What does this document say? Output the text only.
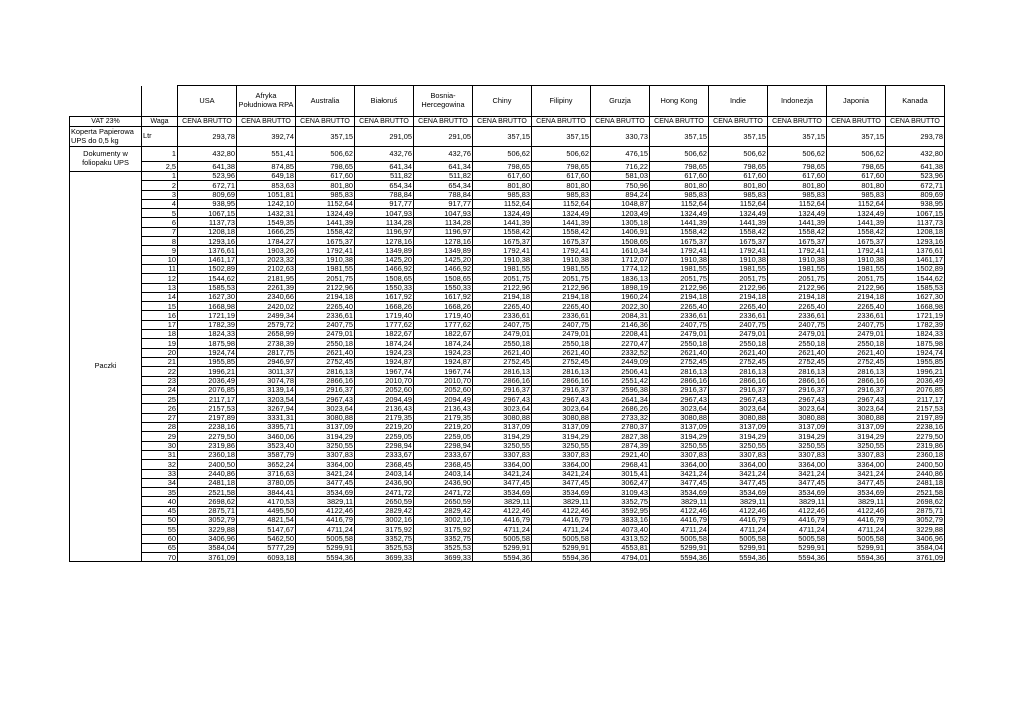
		USA	Afryka Południowa RPA	Australia	Białoruś	Bosnia-Hercegowina	Chiny	Filipiny	Gruzja	Hong Kong	Indie	Indonezja	Japonia	Kanada
VAT 23%	Waga	CENA BRUTTO	CENA BRUTTO	CENA BRUTTO	CENA BRUTTO	CENA BRUTTO	CENA BRUTTO	CENA BRUTTO	CENA BRUTTO	CENA BRUTTO	CENA BRUTTO	CENA BRUTTO	CENA BRUTTO	CENA BRUTTO
Koperta Papierowa UPS do 0,5 kg	Ltr	293,78	392,74	357,15	291,05	291,05	357,15	357,15	330,73	357,15	357,15	357,15	357,15	293,78
Dokumenty w foliopaku UPS	1	432,80	551,41	506,62	432,76	432,76	506,62	506,62	476,15	506,62	506,62	506,62	506,62	432,80
	2,5	641,38	874,85	798,65	641,34	641,34	798,65	798,65	716,22	798,65	798,65	798,65	798,65	641,38
Paczki	1	523,96	649,18	617,60	511,82	511,82	617,60	617,60	581,03	617,60	617,60	617,60	617,60	523,96
	2	672,71	853,63	801,80	654,34	654,34	801,80	801,80	750,96	801,80	801,80	801,80	801,80	672,71
	3	809,69	1051,81	985,83	788,84	788,84	985,83	985,83	894,24	985,83	985,83	985,83	985,83	809,69
	4	938,95	1242,10	1152,64	917,77	917,77	1152,64	1152,64	1048,87	1152,64	1152,64	1152,64	1152,64	938,95
	5	1067,15	1432,31	1324,49	1047,93	1047,93	1324,49	1324,49	1203,49	1324,49	1324,49	1324,49	1324,49	1067,15
	6	1137,73	1549,35	1441,39	1134,28	1134,28	1441,39	1441,39	1305,18	1441,39	1441,39	1441,39	1441,39	1137,73
	7	1208,18	1666,25	1558,42	1196,97	1196,97	1558,42	1558,42	1406,91	1558,42	1558,42	1558,42	1558,42	1208,18
	8	1293,16	1784,27	1675,37	1278,16	1278,16	1675,37	1675,37	1508,65	1675,37	1675,37	1675,37	1675,37	1293,16
	9	1376,61	1903,26	1792,41	1349,89	1349,89	1792,41	1792,41	1610,34	1792,41	1792,41	1792,41	1792,41	1376,61
	10	1461,17	2023,32	1910,38	1425,20	1425,20	1910,38	1910,38	1712,07	1910,38	1910,38	1910,38	1910,38	1461,17
	11	1502,89	2102,63	1981,55	1466,92	1466,92	1981,55	1981,55	1774,12	1981,55	1981,55	1981,55	1981,55	1502,89
	12	1544,62	2181,95	2051,75	1508,65	1508,65	2051,75	2051,75	1836,13	2051,75	2051,75	2051,75	2051,75	1544,62
	13	1585,53	2261,39	2122,96	1550,33	1550,33	2122,96	2122,96	1898,19	2122,96	2122,96	2122,96	2122,96	1585,53
	14	1627,30	2340,66	2194,18	1617,92	1617,92	2194,18	2194,18	1960,24	2194,18	2194,18	2194,18	2194,18	1627,30
	15	1668,98	2420,02	2265,40	1668,26	1668,26	2265,40	2265,40	2022,30	2265,40	2265,40	2265,40	2265,40	1668,98
	16	1721,19	2499,34	2336,61	1719,40	1719,40	2336,61	2336,61	2084,31	2336,61	2336,61	2336,61	2336,61	1721,19
	17	1782,39	2579,72	2407,75	1777,62	1777,62	2407,75	2407,75	2146,36	2407,75	2407,75	2407,75	2407,75	1782,39
	18	1824,33	2658,99	2479,01	1822,67	1822,67	2479,01	2479,01	2208,41	2479,01	2479,01	2479,01	2479,01	1824,33
	19	1875,98	2738,39	2550,18	1874,24	1874,24	2550,18	2550,18	2270,47	2550,18	2550,18	2550,18	2550,18	1875,98
	20	1924,74	2817,75	2621,40	1924,23	1924,23	2621,40	2621,40	2332,52	2621,40	2621,40	2621,40	2621,40	1924,74
	21	1955,85	2946,97	2752,45	1924,87	1924,87	2752,45	2752,45	2449,09	2752,45	2752,45	2752,45	2752,45	1955,85
	22	1996,21	3011,37	2816,13	1967,74	1967,74	2816,13	2816,13	2506,41	2816,13	2816,13	2816,13	2816,13	1996,21
	23	2036,49	3074,78	2866,16	2010,70	2010,70	2866,16	2866,16	2551,42	2866,16	2866,16	2866,16	2866,16	2036,49
	24	2076,85	3139,14	2916,37	2052,60	2052,60	2916,37	2916,37	2596,38	2916,37	2916,37	2916,37	2916,37	2076,85
	25	2117,17	3203,54	2967,43	2094,49	2094,49	2967,43	2967,43	2641,34	2967,43	2967,43	2967,43	2967,43	2117,17
	26	2157,53	3267,94	3023,64	2136,43	2136,43	3023,64	3023,64	2686,26	3023,64	3023,64	3023,64	3023,64	2157,53
	27	2197,89	3331,31	3080,88	2179,35	2179,35	3080,88	3080,88	2733,32	3080,88	3080,88	3080,88	3080,88	2197,89
	28	2238,16	3395,71	3137,09	2219,20	2219,20	3137,09	3137,09	2780,37	3137,09	3137,09	3137,09	3137,09	2238,16
	29	2279,50	3460,06	3194,29	2259,05	2259,05	3194,29	3194,29	2827,38	3194,29	3194,29	3194,29	3194,29	2279,50
	30	2319,86	3523,40	3250,55	2298,94	2298,94	3250,55	3250,55	2874,39	3250,55	3250,55	3250,55	3250,55	2319,86
	31	2360,18	3587,79	3307,83	2333,67	2333,67	3307,83	3307,83	2921,40	3307,83	3307,83	3307,83	3307,83	2360,18
	32	2400,50	3652,24	3364,00	2368,45	2368,45	3364,00	3364,00	2968,41	3364,00	3364,00	3364,00	3364,00	2400,50
	33	2440,86	3716,63	3421,24	2403,14	2403,14	3421,24	3421,24	3015,41	3421,24	3421,24	3421,24	3421,24	2440,86
	34	2481,18	3780,05	3477,45	2436,90	2436,90	3477,45	3477,45	3062,47	3477,45	3477,45	3477,45	3477,45	2481,18
	35	2521,58	3844,41	3534,69	2471,72	2471,72	3534,69	3534,69	3109,43	3534,69	3534,69	3534,69	3534,69	2521,58
	40	2698,62	4170,53	3829,11	2650,59	2650,59	3829,11	3829,11	3352,75	3829,11	3829,11	3829,11	3829,11	2698,62
	45	2875,71	4495,50	4122,46	2829,42	2829,42	4122,46	4122,46	3592,95	4122,46	4122,46	4122,46	4122,46	2875,71
	50	3052,79	4821,54	4416,79	3002,16	3002,16	4416,79	4416,79	3833,16	4416,79	4416,79	4416,79	4416,79	3052,79
	55	3229,88	5147,67	4711,24	3175,92	3175,92	4711,24	4711,24	4073,40	4711,24	4711,24	4711,24	4711,24	3229,88
	60	3406,96	5462,50	5005,58	3352,75	3352,75	5005,58	5005,58	4313,52	5005,58	5005,58	5005,58	5005,58	3406,96
	65	3584,04	5777,29	5299,91	3525,53	3525,53	5299,91	5299,91	4553,81	5299,91	5299,91	5299,91	5299,91	3584,04
	70	3761,09	6093,18	5594,36	3699,33	3699,33	5594,36	5594,36	4794,01	5594,36	5594,36	5594,36	5594,36	3761,09
